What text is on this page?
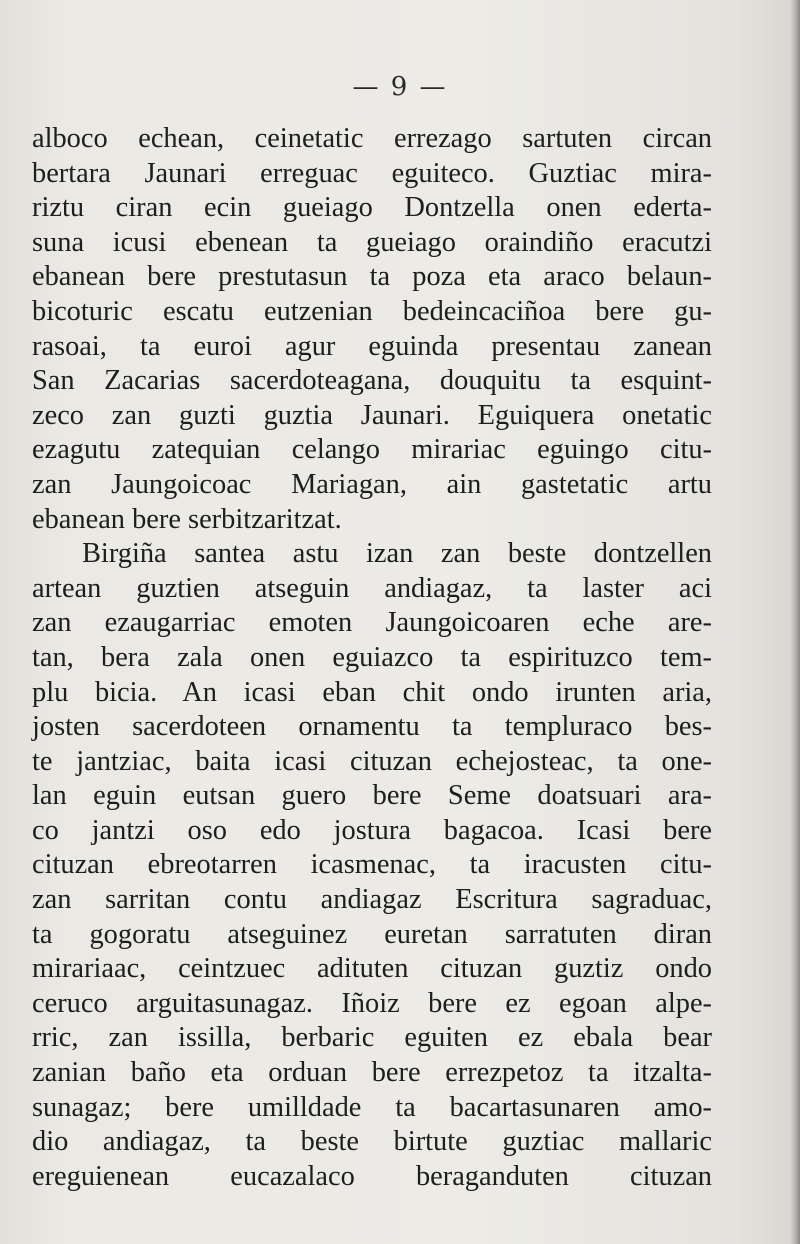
— 9 —
alboco echean, ceinetatic errezago sartuten circan
bertara Jaunari erreguac eguiteco. Guztiac mira-
riztu ciran ecin gueiago Dontzella onen ederta-
suna icusi ebenean ta gueiago oraindiño eracutzi
ebanean bere prestutasun ta poza eta araco belaun-
bicoturic escatu eutzenian bedeincaciñoa bere gu-
rasoai, ta euroi agur eguinda presentau zanean
San Zacarias sacerdoteagana, douquitu ta esquint-
zeco zan guzti guztia Jaunari. Eguiquera onetatic
ezagutu zatequian celango mirariac eguingo citu-
zan Jaungoicoac Mariagan, ain gastetatic artu
ebanean bere serbitzaritzat.
Birgiña santea astu izan zan beste dontzellen
artean guztien atseguin andiagaz, ta laster aci
zan ezaugarriac emoten Jaungoicoaren eche are-
tan, bera zala onen eguiazco ta espirituzco tem-
plu bicia. An icasi eban chit ondo irunten aria,
josten sacerdoteen ornamentu ta templuraco bes-
te jantziac, baita icasi cituzan echejosteac, ta one-
lan eguin eutsan guero bere Seme doatsuari ara-
co jantzi oso edo jostura bagacoa. Icasi bere
cituzan ebreotarren icasmenac, ta iracusten citu-
zan sarritan contu andiagaz Escritura sagraduac,
ta gogoratu atseguinez euretan sarratuten diran
mirariaac, ceintzuec adituten cituzan guztiz ondo
ceruco arguitasunagaz. Iñoiz bere ez egoan alpe-
rric, zan issilla, berbaric eguiten ez ebala bear
zanian baño eta orduan bere errezpetoz ta itzalta-
sunagaz; bere umilldade ta bacartasunaren amo-
dio andiagaz, ta beste birtute guztiac mallaric
ereguienean eucazalaco beraganduten cituzan
